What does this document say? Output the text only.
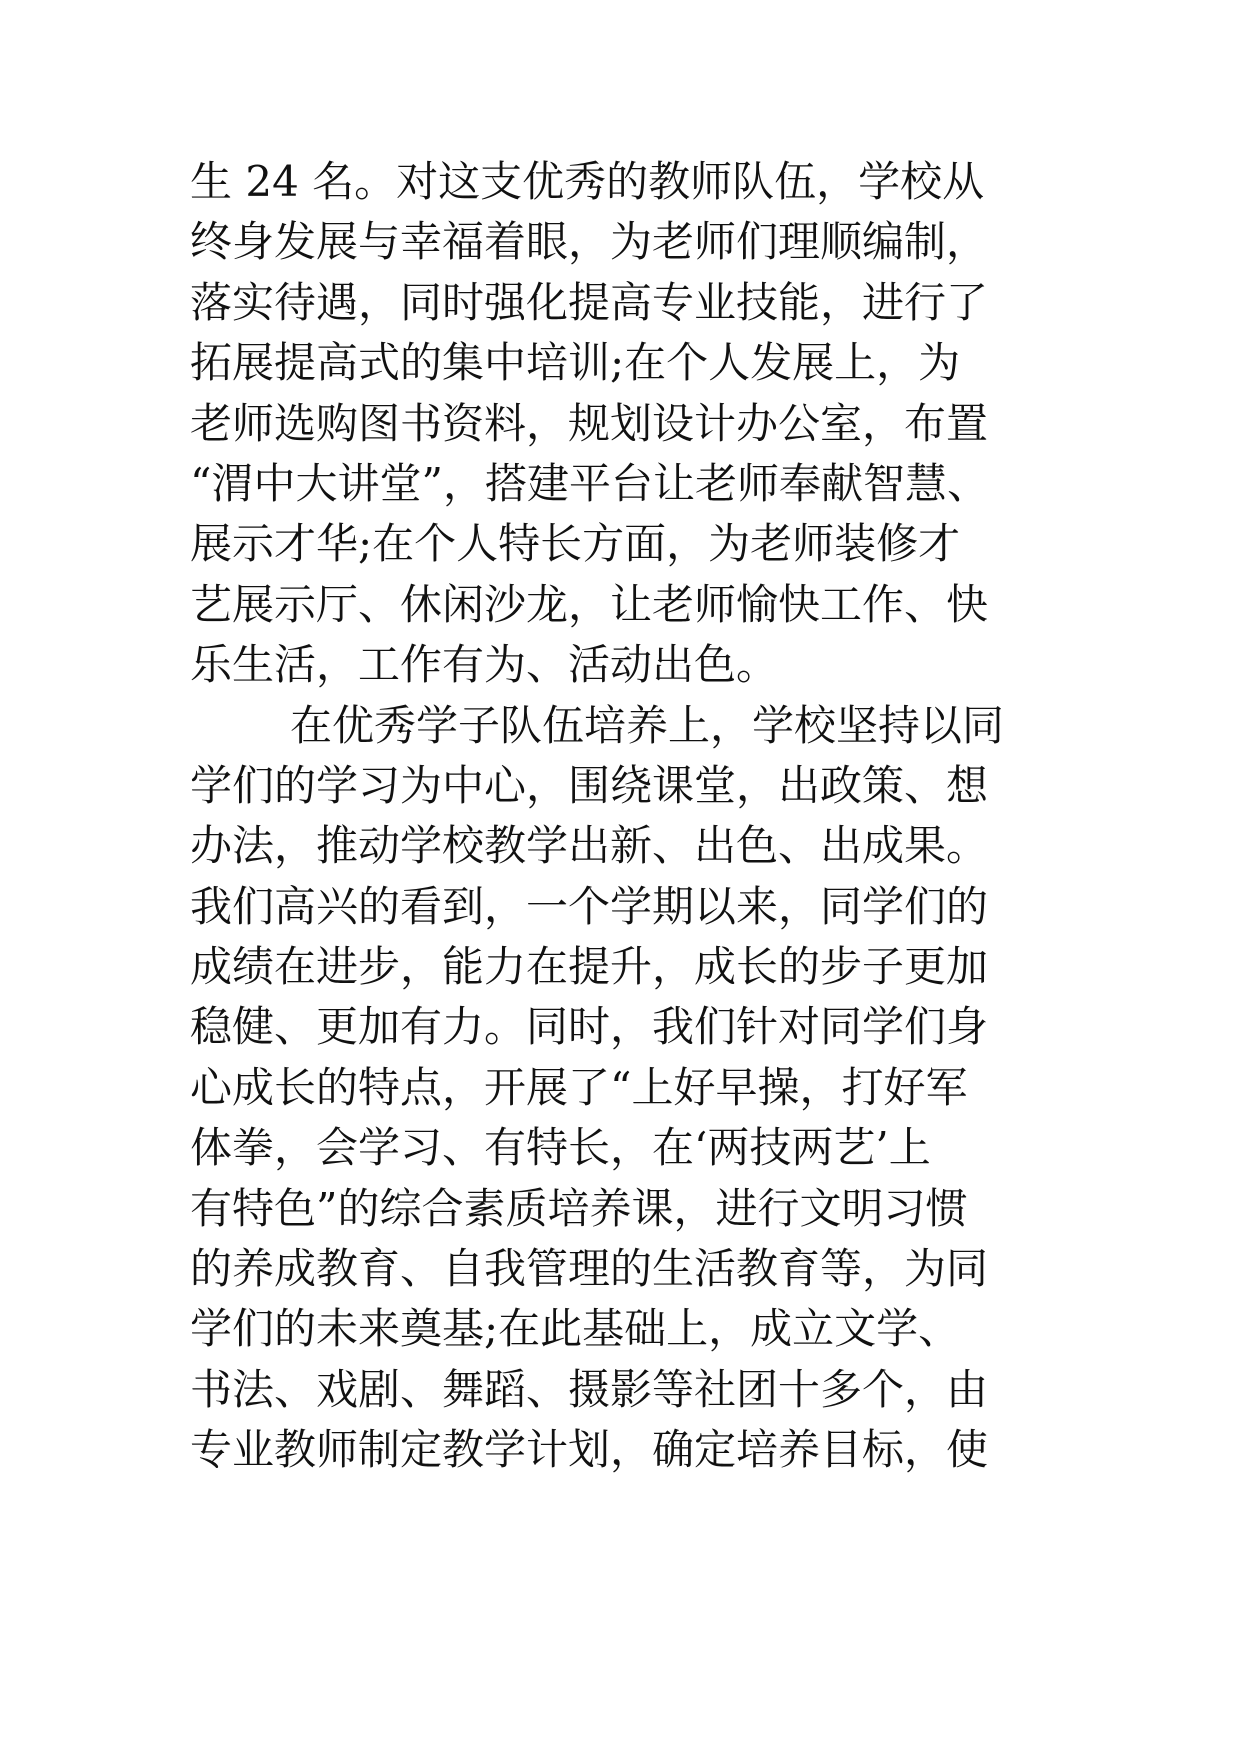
生 24 名。对这支优秀的教师队伍，学校从
终身发展与幸福着眼，为老师们理顺编制，
落实待遇，同时强化提高专业技能，进行了
拓展提高式的集中培训;在个人发展上，为
老师选购图书资料，规划设计办公室，布置
“渭中大讲堂”，搭建平台让老师奉献智慧、
展示才华;在个人特长方面，为老师装修才
艺展示厅、休闲沙龙，让老师愉快工作、快
乐生活，工作有为、活动出色。
在优秀学子队伍培养上，学校坚持以同
学们的学习为中心，围绕课堂，出政策、想
办法，推动学校教学出新、出色、出成果。
我们高兴的看到，一个学期以来，同学们的
成绩在进步，能力在提升，成长的步子更加
稳健、更加有力。同时，我们针对同学们身
心成长的特点，开展了“上好早操，打好军
体拳，会学习、有特长，在‘两技两艺’上
有特色”的综合素质培养课，进行文明习惯
的养成教育、自我管理的生活教育等，为同
学们的未来奠基;在此基础上，成立文学、
书法、戏剧、舞蹈、摄影等社团十多个，由
专业教师制定教学计划，确定培养目标，使
